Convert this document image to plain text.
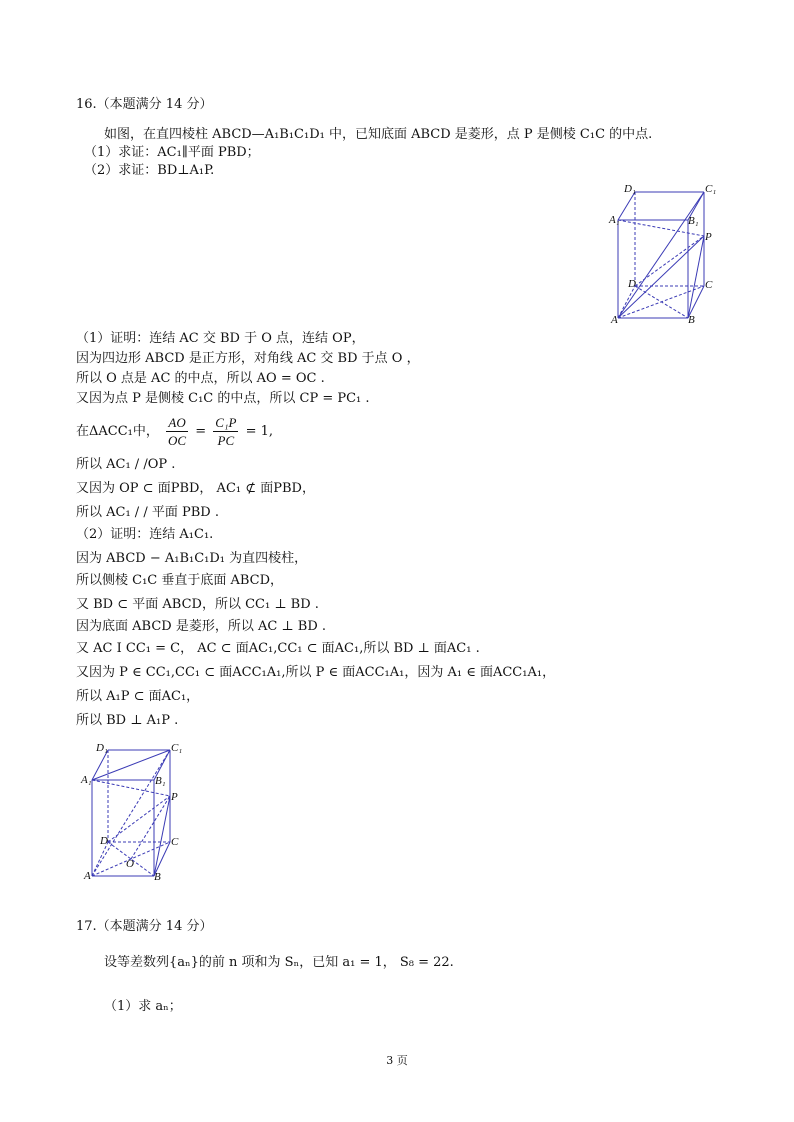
16.（本题满分 14 分）
如图，在直四棱柱 ABCD—A₁B₁C₁D₁ 中，已知底面 ABCD 是菱形，点 P 是侧棱 C₁C 的中点.
（1）求证：AC₁∥平面 PBD；
（2）求证：BD⊥A₁P.
D₁	C₁
A₁	B₁
P
D	C
A	B
（1）证明：连结 AC 交 BD 于 O 点，连结 OP，
因为四边形 ABCD 是正方形，对角线 AC 交 BD 于点 O ，
所以 O 点是 AC 的中点，所以 AO = OC .
又因为点 P 是侧棱 C₁C 的中点，所以 CP = PC₁ .
在ΔACC₁中， $\frac{AO}{OC} = \frac{\text{C₁P}}{PC} = 1$,
所以 AC₁ / /OP .
又因为 OP ⊂ 面PBD， AC₁ ⊄ 面PBD，
所以 AC₁ / / 平面 PBD .
（2）证明：连结 A₁C₁.
因为 ABCD − A₁B₁C₁D₁ 为直四棱柱，
所以侧棱 C₁C 垂直于底面 ABCD，
又 BD ⊂ 平面 ABCD，所以 CC₁ ⊥ BD .
因为底面 ABCD 是菱形，所以 AC ⊥ BD .
又 AC I CC₁ = C， AC ⊂ 面AC₁,CC₁ ⊂ 面AC₁,所以 BD ⊥ 面AC₁ .
又因为 P ∈ CC₁,CC₁ ⊂ 面ACC₁A₁,所以 P ∈ 面ACC₁A₁，因为 A₁ ∈ 面ACC₁A₁，
所以 A₁P ⊂ 面AC₁，
所以 BD ⊥ A₁P .
D₁	C₁
A₁	B₁
P
D	C
O
A	B
17.（本题满分 14 分）
设等差数列{aₙ}的前 n 项和为 Sₙ，已知 a₁ = 1， S₈ = 22.
（1）求 aₙ；
3 页
